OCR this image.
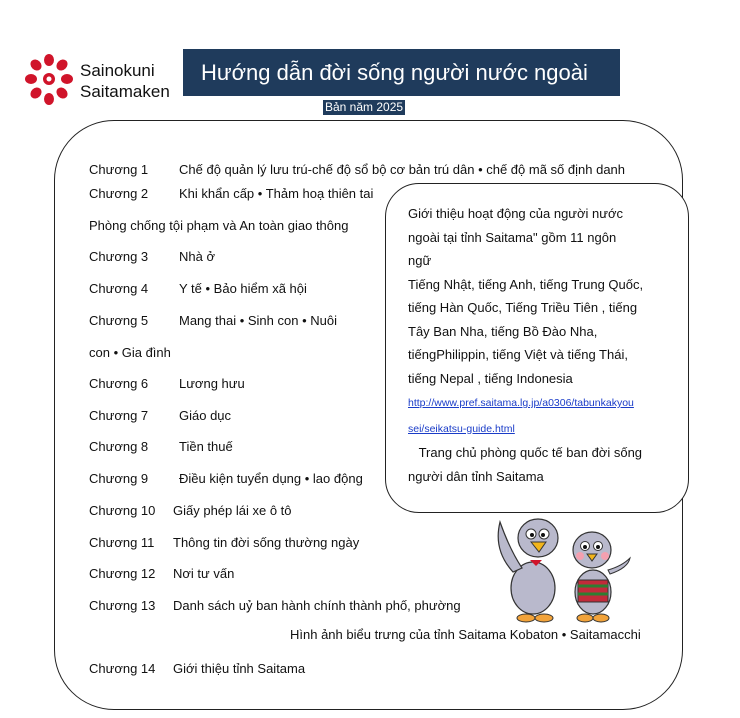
Sainokuni
Saitamaken
Hướng dẫn đời sống người nước ngoài
Bản năm 2025
Chương 1 Chế độ quản lý lưu trú-chế độ sổ bộ cơ bản trú dân • chế độ mã số định danh
Chương 2 Khi khẩn cấp • Thảm hoạ thiên tai
Phòng chống tội phạm và An toàn giao thông
Chương 3 Nhà ở
Chương 4 Y tế • Bảo hiểm xã hội
Chương 5 Mang thai • Sinh con • Nuôi
con • Gia đình
Chương 6 Lương hưu
Chương 7 Giáo dục
Chương 8 Tiền thuế
Chương 9 Điều kiện tuyển dụng • lao động
Chương 10 Giấy phép lái xe ô tô
Chương 11 Thông tin đời sống thường ngày
Chương 12 Nơi tư vấn
Chương 13 Danh sách uỷ ban hành chính thành phố, phường
Hình ảnh biểu trưng của tỉnh Saitama Kobaton • Saitamacchi
Chương 14 Giới thiệu tỉnh Saitama
Giới thiệu hoạt động của người nước
ngoài tại tỉnh Saitama" gồm 11 ngôn
ngữ
Tiếng Nhật, tiếng Anh, tiếng Trung Quốc,
tiếng Hàn Quốc, Tiếng Triều Tiên , tiếng
Tây Ban Nha, tiếng Bồ Đào Nha,
tiếngPhilippin, tiếng Việt và tiếng Thái,
tiếng Nepal , tiếng Indonesia
http://www.pref.saitama.lg.jp/a0306/tabunkakyou
sei/seikatsu-guide.html
Trang chủ phòng quốc tế ban đời sống
người dân tỉnh Saitama
